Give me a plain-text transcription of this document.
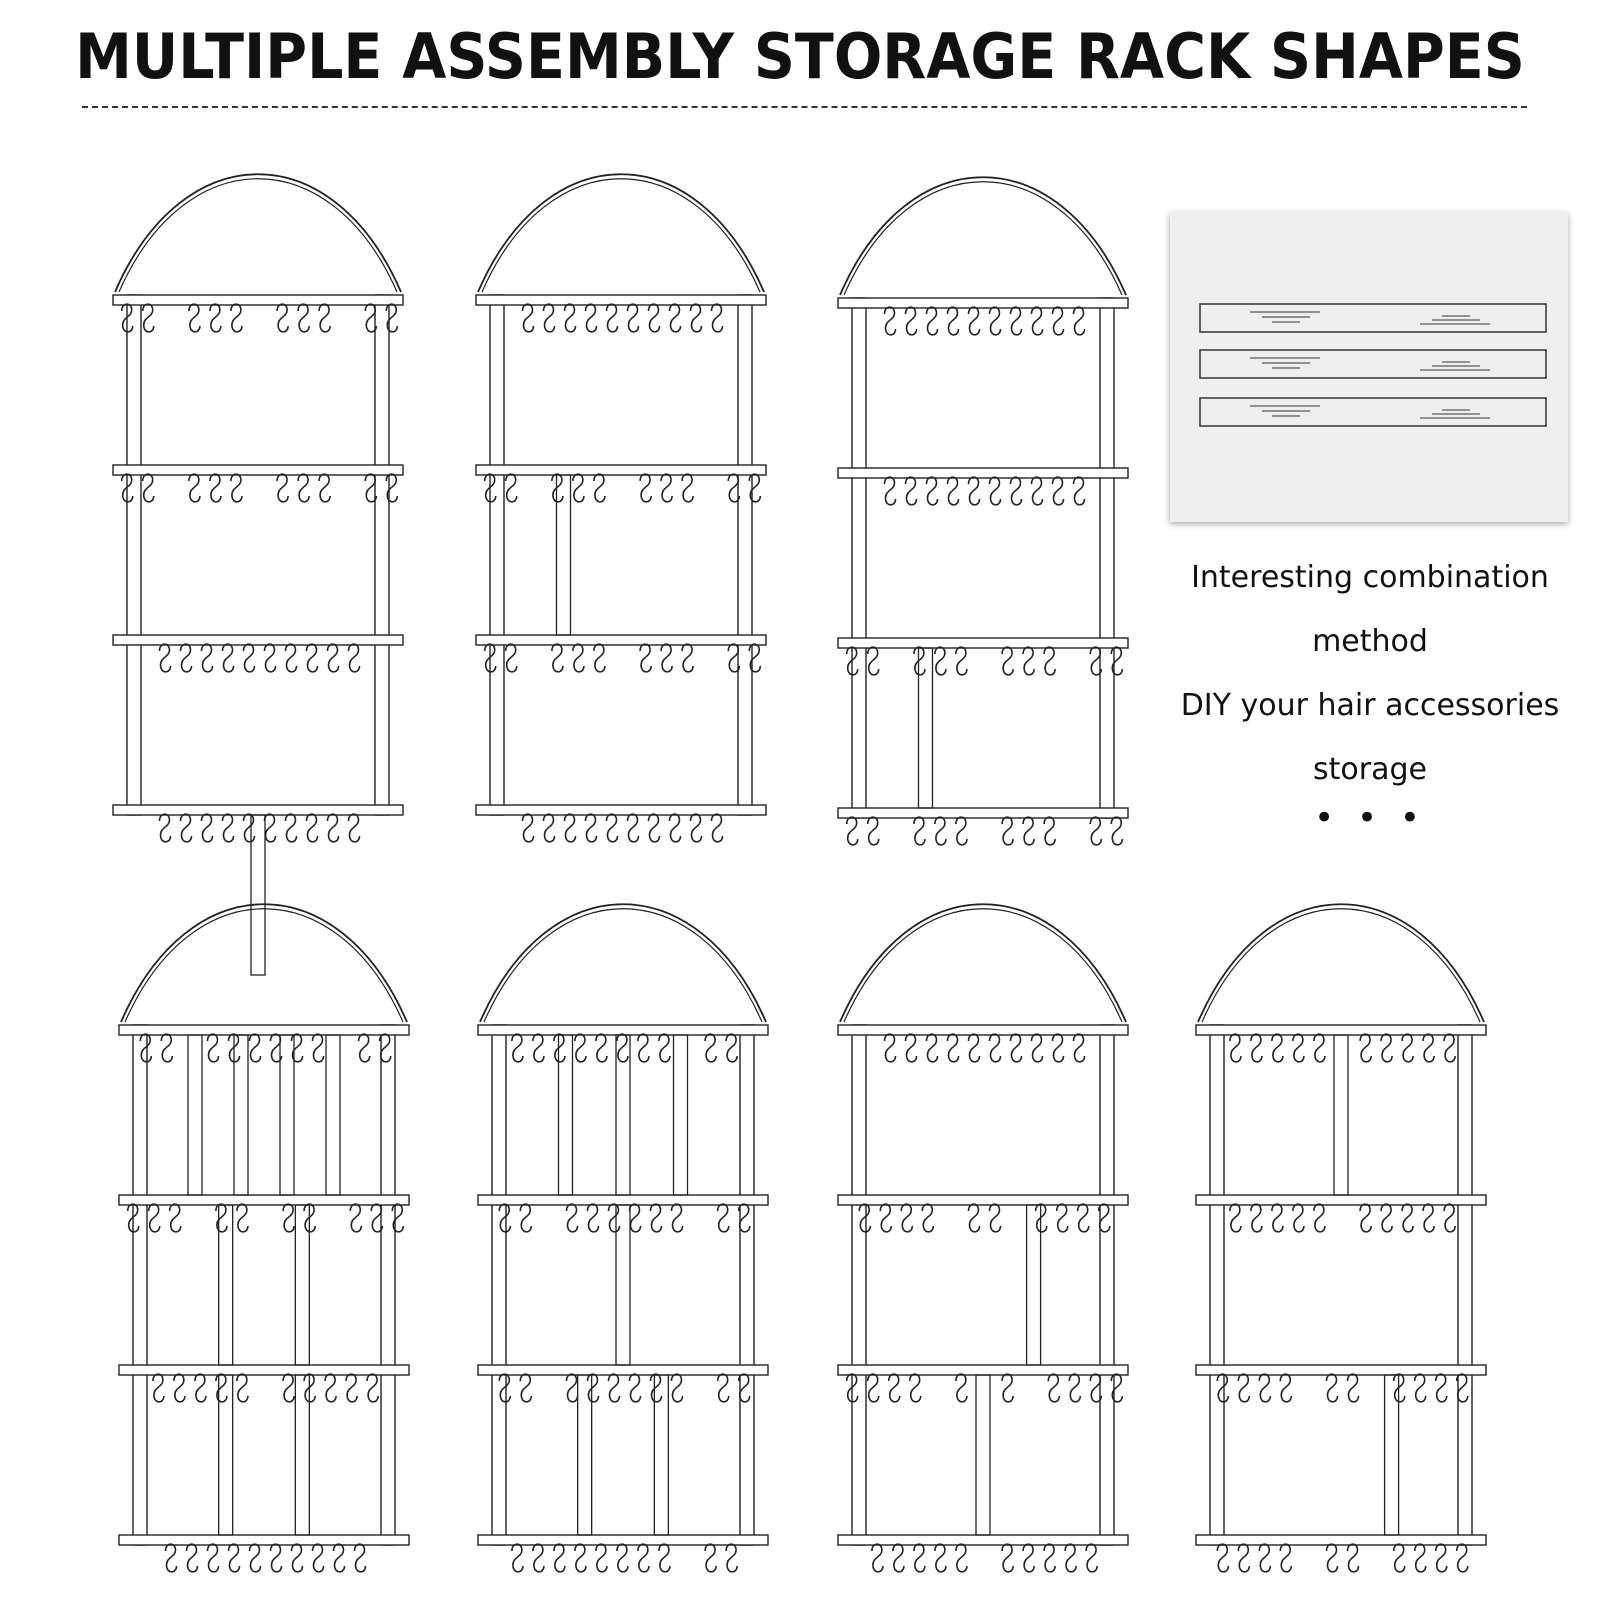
MULTIPLE ASSEMBLY STORAGE RACK SHAPES
Interesting combination
method
DIY your hair accessories
storage
• • •
